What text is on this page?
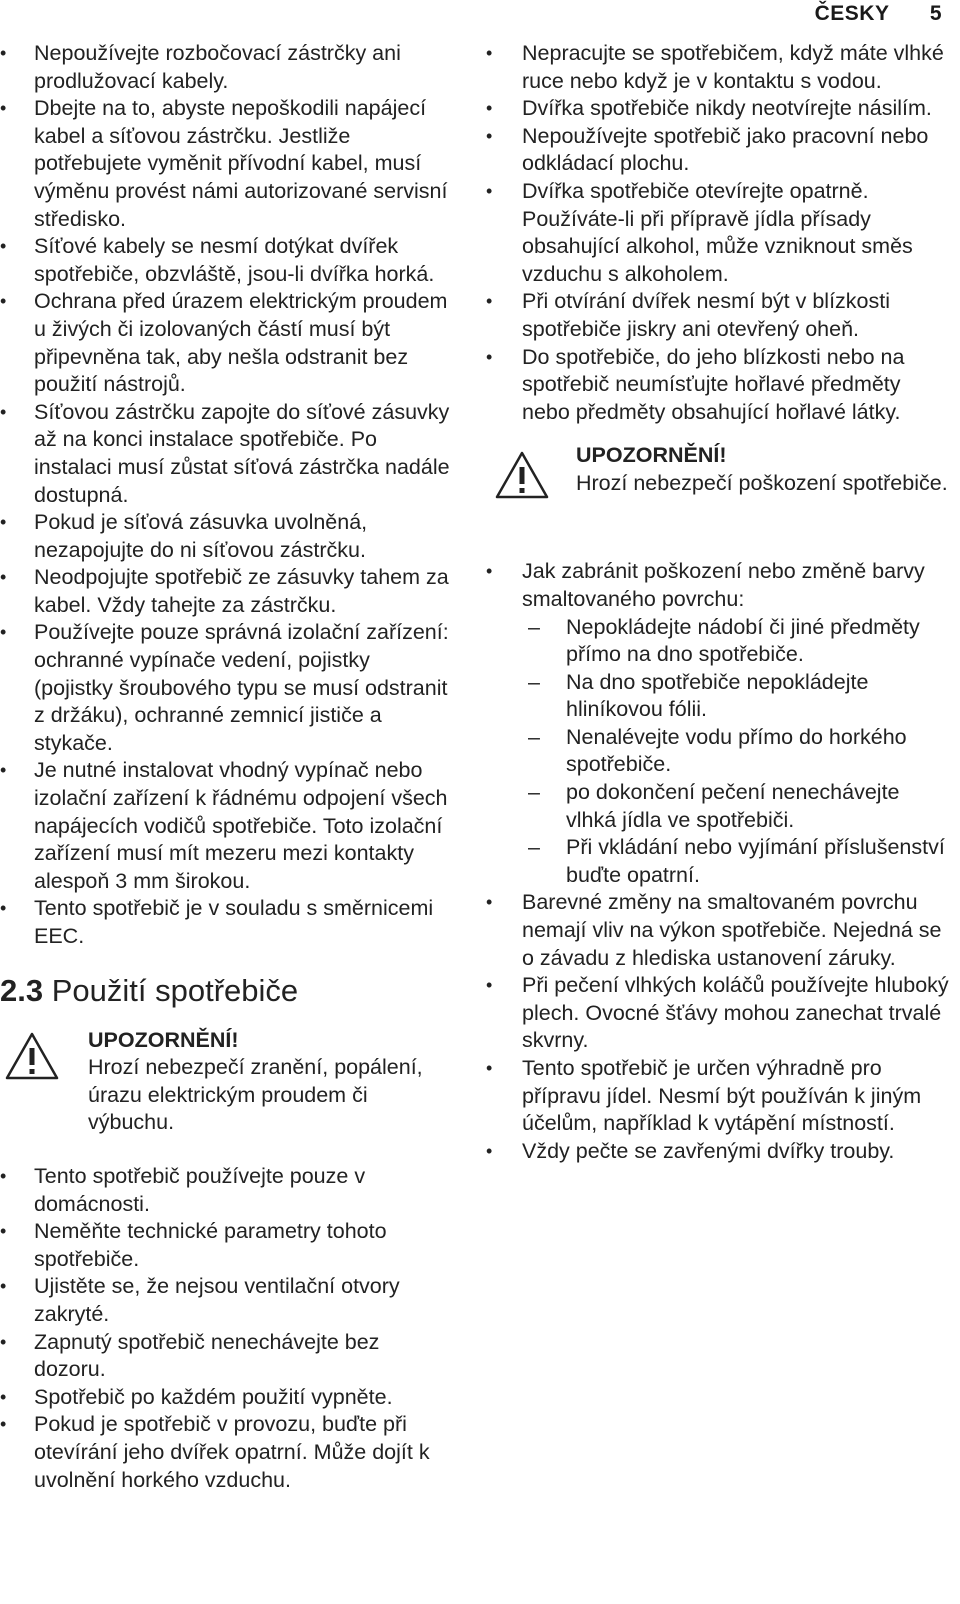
ČESKY 5
• Nepoužívejte rozbočovací zástrčky ani prodlužovací kabely.
• Dbejte na to, abyste nepoškodili napájecí kabel a síťovou zástrčku. Jestliže potřebujete vyměnit přívodní kabel, musí výměnu provést námi autorizované servisní středisko.
• Síťové kabely se nesmí dotýkat dvířek spotřebiče, obzvláště, jsou-li dvířka horká.
• Ochrana před úrazem elektrickým proudem u živých či izolovaných částí musí být připevněna tak, aby nešla odstranit bez použití nástrojů.
• Síťovou zástrčku zapojte do síťové zásuvky až na konci instalace spotřebiče. Po instalaci musí zůstat síťová zástrčka nadále dostupná.
• Pokud je síťová zásuvka uvolněná, nezapojujte do ni síťovou zástrčku.
• Neodpojujte spotřebič ze zásuvky tahem za kabel. Vždy tahejte za zástrčku.
• Používejte pouze správná izolační zařízení: ochranné vypínače vedení, pojistky (pojistky šroubového typu se musí odstranit z držáku), ochranné zemnicí jističe a stykače.
• Je nutné instalovat vhodný vypínač nebo izolační zařízení k řádnému odpojení všech napájecích vodičů spotřebiče. Toto izolační zařízení musí mít mezeru mezi kontakty alespoň 3 mm širokou.
• Tento spotřebič je v souladu s směrnicemi EEC.
2.3 Použití spotřebiče
UPOZORNĚNÍ!
Hrozí nebezpečí zranění, popálení, úrazu elektrickým proudem či výbuchu.
• Tento spotřebič používejte pouze v domácnosti.
• Neměňte technické parametry tohoto spotřebiče.
• Ujistěte se, že nejsou ventilační otvory zakryté.
• Zapnutý spotřebič nenechávejte bez dozoru.
• Spotřebič po každém použití vypněte.
• Pokud je spotřebič v provozu, buďte při otevírání jeho dvířek opatrní. Může dojít k uvolnění horkého vzduchu.
• Nepracujte se spotřebičem, když máte vlhké ruce nebo když je v kontaktu s vodou.
• Dvířka spotřebiče nikdy neotvírejte násilím.
• Nepoužívejte spotřebič jako pracovní nebo odkládací plochu.
• Dvířka spotřebiče otevírejte opatrně. Používáte-li při přípravě jídla přísady obsahující alkohol, může vzniknout směs vzduchu s alkoholem.
• Při otvírání dvířek nesmí být v blízkosti spotřebiče jiskry ani otevřený oheň.
• Do spotřebiče, do jeho blízkosti nebo na spotřebič neumísťujte hořlavé předměty nebo předměty obsahující hořlavé látky.
UPOZORNĚNÍ!
Hrozí nebezpečí poškození spotřebiče.
• Jak zabránit poškození nebo změně barvy smaltovaného povrchu:
– Nepokládejte nádobí či jiné předměty přímo na dno spotřebiče.
– Na dno spotřebiče nepokládejte hliníkovou fólii.
– Nenalévejte vodu přímo do horkého spotřebiče.
– po dokončení pečení nenechávejte vlhká jídla ve spotřebiči.
– Při vkládání nebo vyjímání příslušenství buďte opatrní.
• Barevné změny na smaltovaném povrchu nemají vliv na výkon spotřebiče. Nejedná se o závadu z hlediska ustanovení záruky.
• Při pečení vlhkých koláčů používejte hluboký plech. Ovocné šťávy mohou zanechat trvalé skvrny.
• Tento spotřebič je určen výhradně pro přípravu jídel. Nesmí být používán k jiným účelům, například k vytápění místností.
• Vždy pečte se zavřenými dvířky trouby.
